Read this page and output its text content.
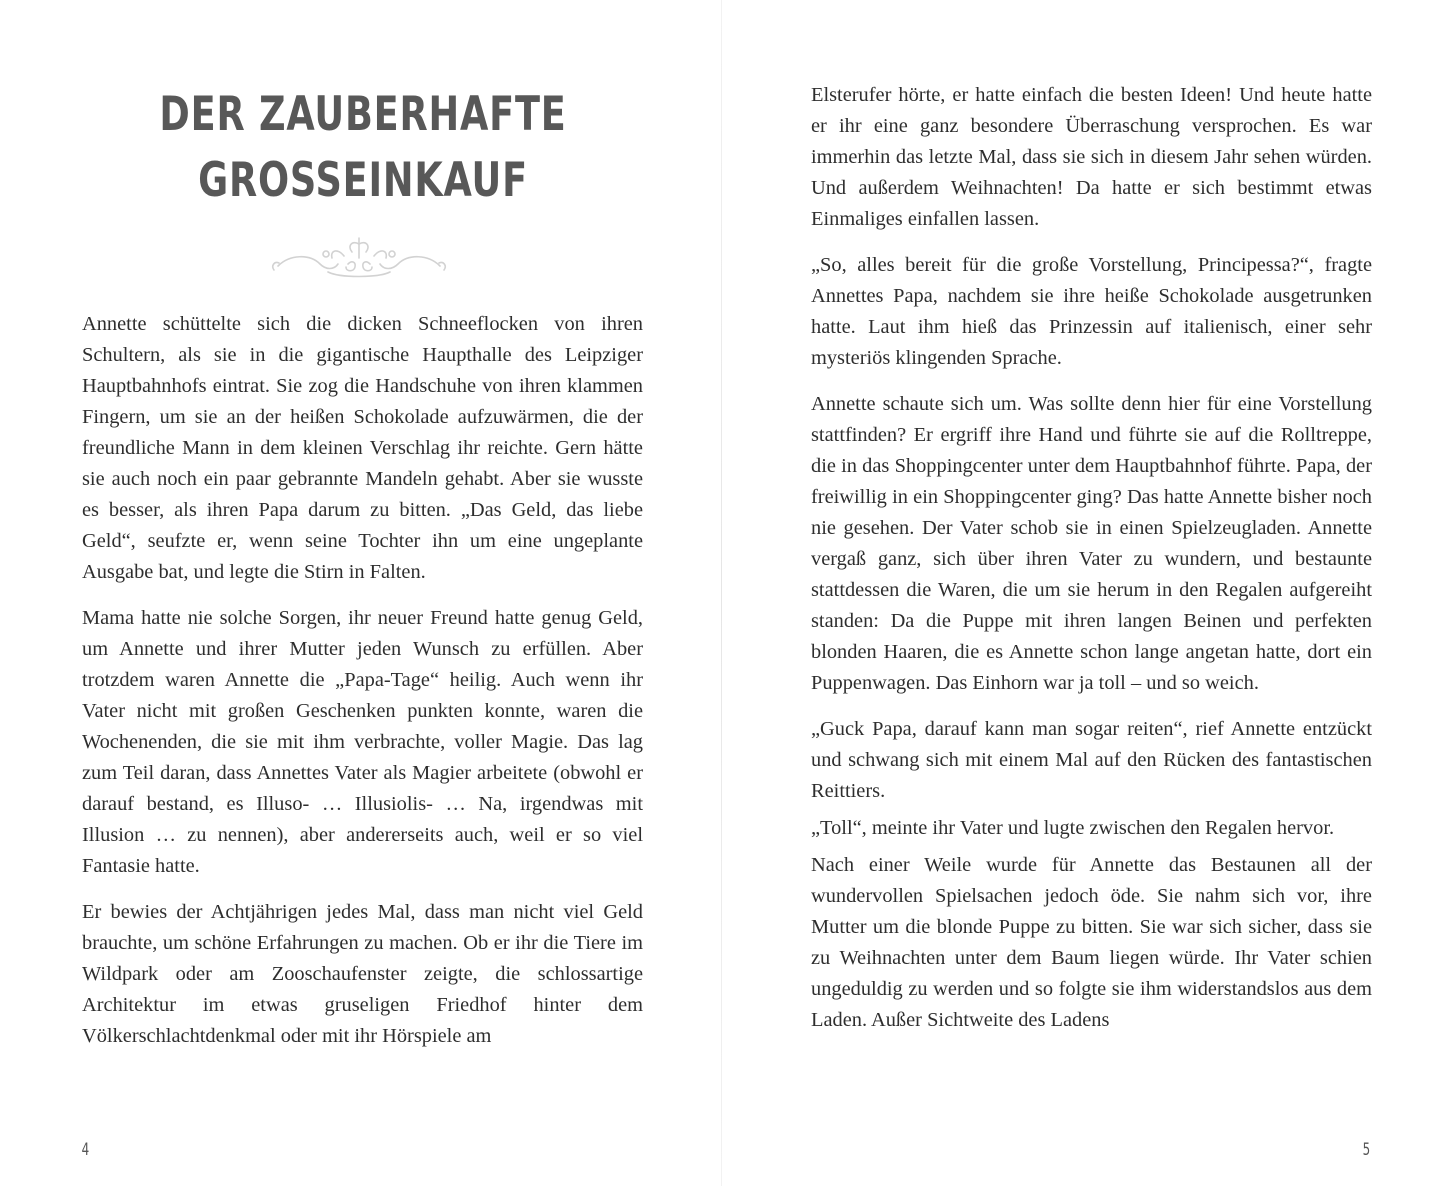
DER ZAUBERHAFTE GROSSEINKAUF

Annette schüttelte sich die dicken Schneeflocken von ihren Schultern, als sie in die gigantische Haupthalle des Leipziger Hauptbahnhofs eintrat. Sie zog die Handschuhe von ihren klammen Fingern, um sie an der heißen Schokolade aufzuwärmen, die der freundliche Mann in dem kleinen Verschlag ihr reichte. Gern hätte sie auch noch ein paar gebrannte Mandeln gehabt. Aber sie wusste es besser, als ihren Papa darum zu bitten. „Das Geld, das liebe Geld“, seufzte er, wenn seine Tochter ihn um eine ungeplante Ausgabe bat, und legte die Stirn in Falten.

Mama hatte nie solche Sorgen, ihr neuer Freund hatte genug Geld, um Annette und ihrer Mutter jeden Wunsch zu erfüllen. Aber trotzdem waren Annette die „Papa-Tage“ heilig. Auch wenn ihr Vater nicht mit großen Geschenken punkten konnte, waren die Wochenenden, die sie mit ihm verbrachte, voller Magie. Das lag zum Teil daran, dass Annettes Vater als Magier arbeitete (obwohl er darauf bestand, es Illuso- … Illusiolis- … Na, irgendwas mit Illusion … zu nennen), aber andererseits auch, weil er so viel Fantasie hatte.

Er bewies der Achtjährigen jedes Mal, dass man nicht viel Geld brauchte, um schöne Erfahrungen zu machen. Ob er ihr die Tiere im Wildpark oder am Zooschaufenster zeigte, die schlossartige Architektur im etwas gruseligen Friedhof hinter dem Völkerschlachtdenkmal oder mit ihr Hörspiele am

4

Elsterufer hörte, er hatte einfach die besten Ideen! Und heute hatte er ihr eine ganz besondere Überraschung versprochen. Es war immerhin das letzte Mal, dass sie sich in diesem Jahr sehen würden. Und außerdem Weihnachten! Da hatte er sich bestimmt etwas Einmaliges einfallen lassen.

„So, alles bereit für die große Vorstellung, Principessa?“, fragte Annettes Papa, nachdem sie ihre heiße Schokolade ausgetrunken hatte. Laut ihm hieß das Prinzessin auf italienisch, einer sehr mysteriös klingenden Sprache.

Annette schaute sich um. Was sollte denn hier für eine Vorstellung stattfinden? Er ergriff ihre Hand und führte sie auf die Rolltreppe, die in das Shoppingcenter unter dem Hauptbahnhof führte. Papa, der freiwillig in ein Shoppingcenter ging? Das hatte Annette bisher noch nie gesehen. Der Vater schob sie in einen Spielzeugladen. Annette vergaß ganz, sich über ihren Vater zu wundern, und bestaunte stattdessen die Waren, die um sie herum in den Regalen aufgereiht standen: Da die Puppe mit ihren langen Beinen und perfekten blonden Haaren, die es Annette schon lange angetan hatte, dort ein Puppenwagen. Das Einhorn war ja toll – und so weich.

„Guck Papa, darauf kann man sogar reiten“, rief Annette entzückt und schwang sich mit einem Mal auf den Rücken des fantastischen Reittiers.

„Toll“, meinte ihr Vater und lugte zwischen den Regalen hervor.

Nach einer Weile wurde für Annette das Bestaunen all der wundervollen Spielsachen jedoch öde. Sie nahm sich vor, ihre Mutter um die blonde Puppe zu bitten. Sie war sich sicher, dass sie zu Weihnachten unter dem Baum liegen würde. Ihr Vater schien ungeduldig zu werden und so folgte sie ihm widerstandslos aus dem Laden. Außer Sichtweite des Ladens

5
